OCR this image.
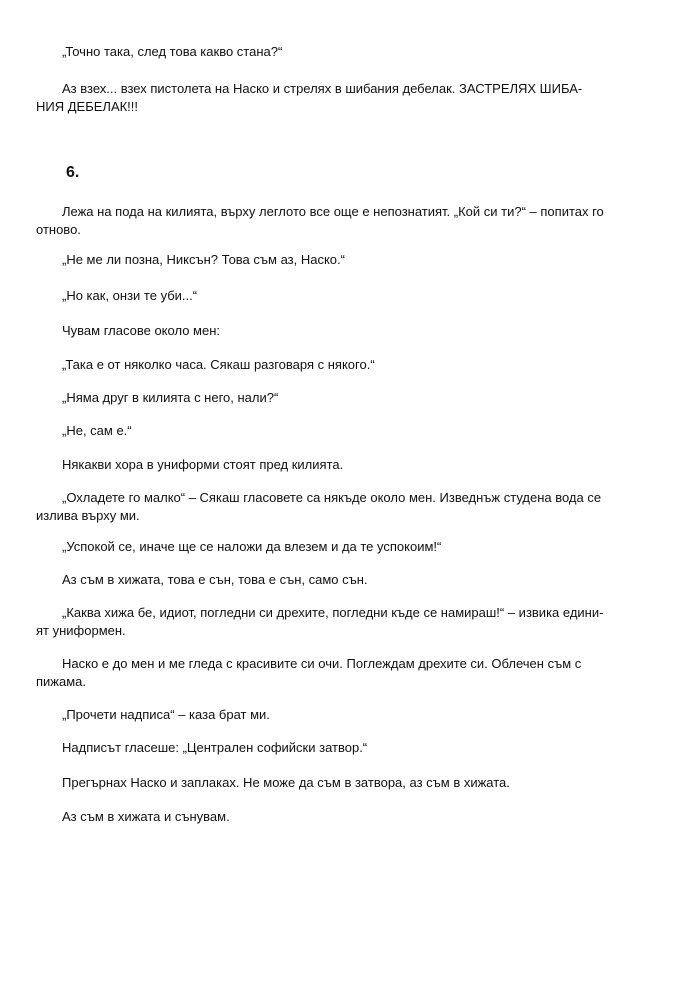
„Точно така, след това какво стана?“

Аз взех... взех пистолета на Наско и стрелях в шибания дебелак. ЗАСТРЕЛЯХ ШИБА-
НИЯ ДЕБЕЛАК!!!

6.

Лежа на пода на килията, върху леглото все още е непознатият. „Кой си ти?“ – попитах го
отново.

„Не ме ли позна, Никсън? Това съм аз, Наско.“

„Но как, онзи те уби...“

Чувам гласове около мен:

„Така е от няколко часа. Сякаш разговаря с някого.“

„Няма друг в килията с него, нали?“

„Не, сам е.“

Някакви хора в униформи стоят пред килията.

„Охладете го малко“ – Сякаш гласовете са някъде около мен. Изведнъж студена вода се
излива върху ми.

„Успокой се, иначе ще се наложи да влезем и да те успокоим!“

Аз съм в хижата, това е сън, това е сън, само сън.

„Каква хижа бе, идиот, погледни си дрехите, погледни къде се намираш!“ – извика едини-
ят униформен.

Наско е до мен и ме гледа с красивите си очи. Поглеждам дрехите си. Облечен съм с
пижама.

„Прочети надписа“ – каза брат ми.

Надписът гласеше: „Централен софийски затвор.“

Прегърнах Наско и заплаках. Не може да съм в затвора, аз съм в хижата.

Аз съм в хижата и сънувам.
